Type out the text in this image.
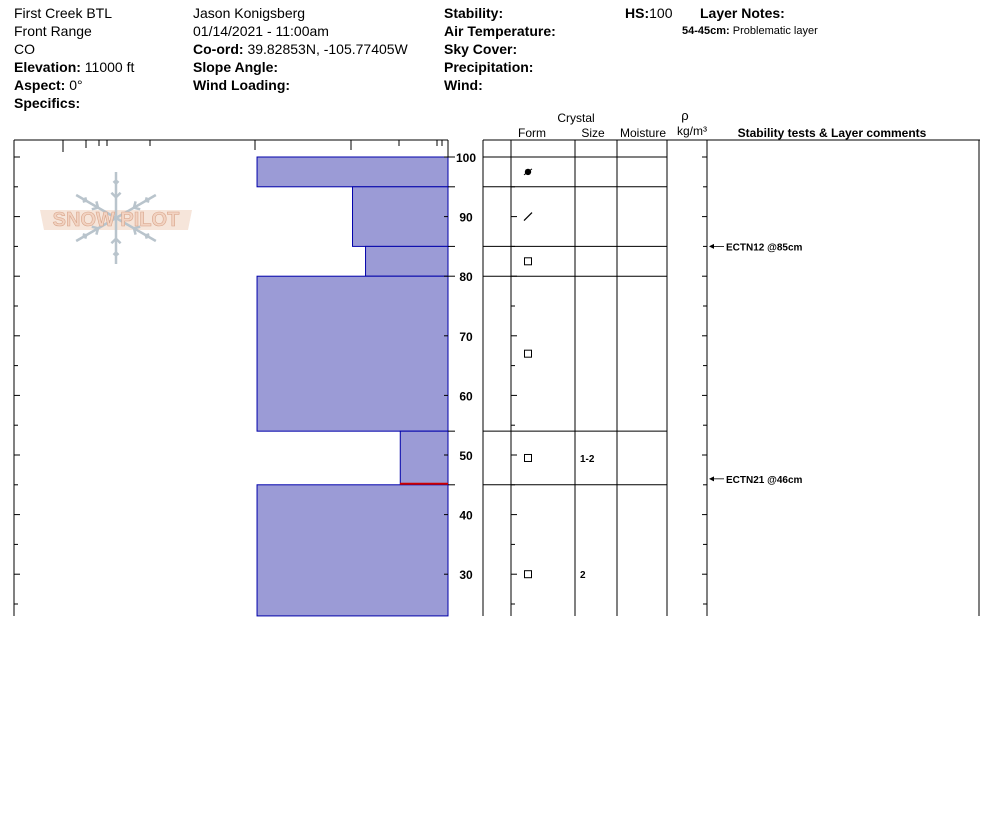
First Creek BTL
Front Range
CO
Elevation: 11000 ft
Aspect: 0°
Specifics:
Jason Konigsberg
01/14/2021 - 11:00am
Co-ord: 39.82853N, -105.77405W
Slope Angle:
Wind Loading:
Stability:
Air Temperature:
Sky Cover:
Precipitation:
Wind:
HS:100 Layer Notes:
54-45cm: Problematic layer
100
90
80
70
60
50
40
30
1-2
2
ECTN12 @85cm
ECTN21 @46cm
SNOW PILOT
Crystal
Form	Size Moisture
ρ
kg/m³	Stability tests & Layer comments
